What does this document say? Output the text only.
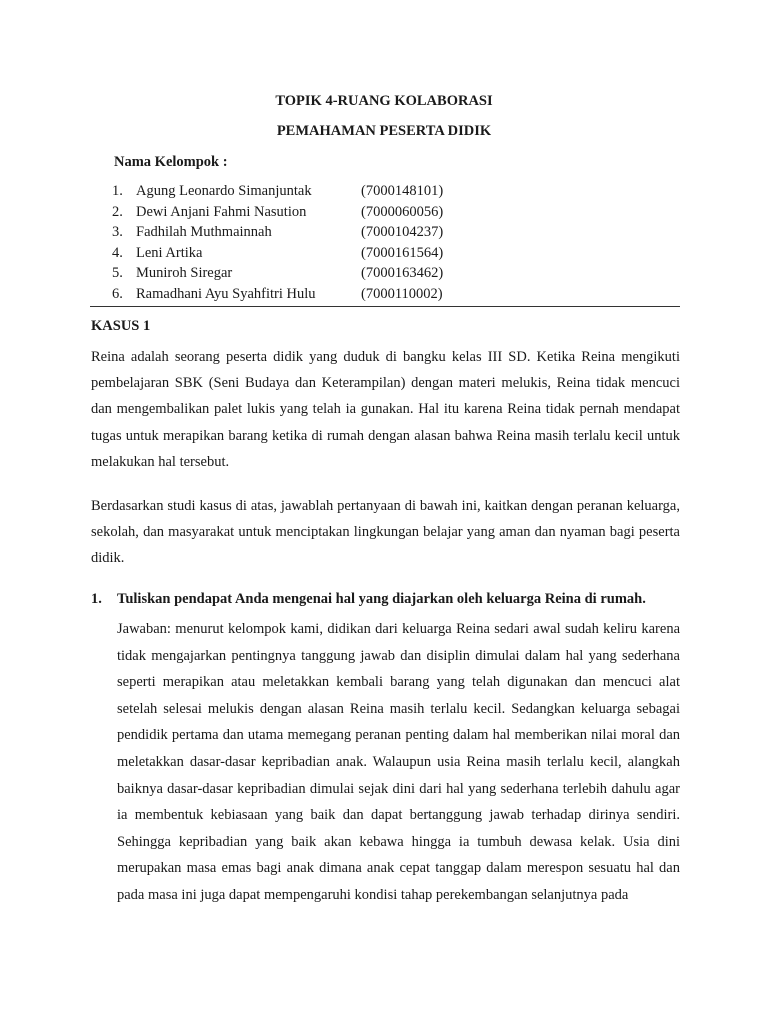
TOPIK 4-RUANG KOLABORASI
PEMAHAMAN PESERTA DIDIK

Nama Kelompok :

1. Agung Leonardo Simanjuntak	(7000148101)
2. Dewi Anjani Fahmi Nasution	(7000060056)
3. Fadhilah Muthmainnah	(7000104237)
4. Leni Artika	(7000161564)
5. Muniroh Siregar	(7000163462)
6. Ramadhani Ayu Syahfitri Hulu	(7000110002)

KASUS 1

Reina adalah seorang peserta didik yang duduk di bangku kelas III SD. Ketika Reina mengikuti pembelajaran SBK (Seni Budaya dan Keterampilan) dengan materi melukis, Reina tidak mencuci dan mengembalikan palet lukis yang telah ia gunakan. Hal itu karena Reina tidak pernah mendapat tugas untuk merapikan barang ketika di rumah dengan alasan bahwa Reina masih terlalu kecil untuk melakukan hal tersebut.

Berdasarkan studi kasus di atas, jawablah pertanyaan di bawah ini, kaitkan dengan peranan keluarga, sekolah, dan masyarakat untuk menciptakan lingkungan belajar yang aman dan nyaman bagi peserta didik.

1. Tuliskan pendapat Anda mengenai hal yang diajarkan oleh keluarga Reina di rumah.

Jawaban: menurut kelompok kami, didikan dari keluarga Reina sedari awal sudah keliru karena tidak mengajarkan pentingnya tanggung jawab dan disiplin dimulai dalam hal yang sederhana seperti merapikan atau meletakkan kembali barang yang telah digunakan dan mencuci alat setelah selesai melukis dengan alasan Reina masih terlalu kecil. Sedangkan keluarga sebagai pendidik pertama dan utama memegang peranan penting dalam hal memberikan nilai moral dan meletakkan dasar-dasar kepribadian anak. Walaupun usia Reina masih terlalu kecil, alangkah baiknya dasar-dasar kepribadian dimulai sejak dini dari hal yang sederhana terlebih dahulu agar ia membentuk kebiasaan yang baik dan dapat bertanggung jawab terhadap dirinya sendiri. Sehingga kepribadian yang baik akan kebawa hingga ia tumbuh dewasa kelak. Usia dini merupakan masa emas bagi anak dimana anak cepat tanggap dalam merespon sesuatu hal dan pada masa ini juga dapat mempengaruhi kondisi tahap perekembangan selanjutnya pada
